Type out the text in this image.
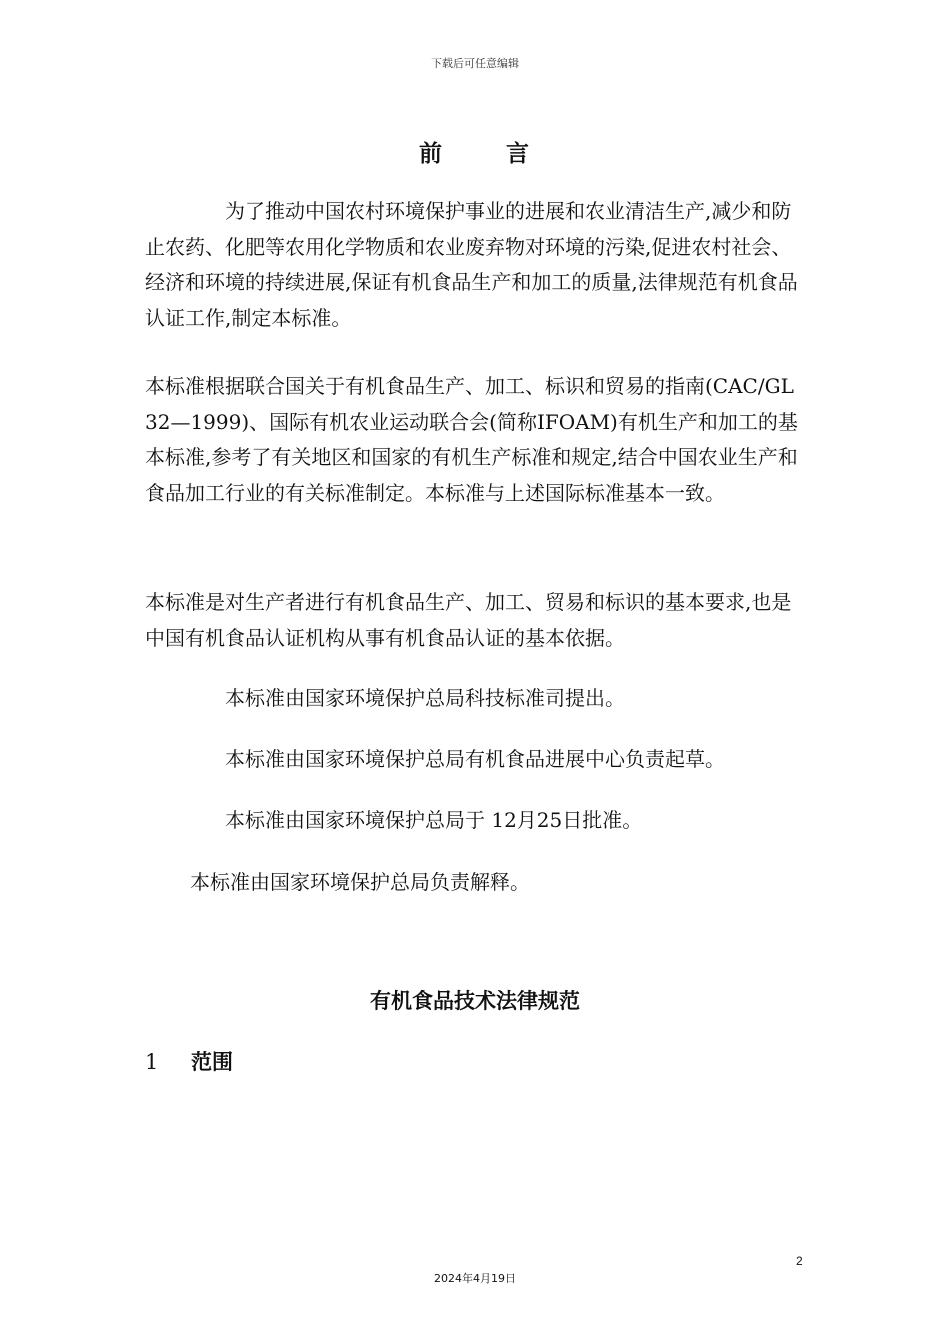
下载后可任意编辑
前	言

为了推动中国农村环境保护事业的进展和农业清洁生产,减少和防止农药、化肥等农用化学物质和农业废弃物对环境的污染,促进农村社会、经济和环境的持续进展,保证有机食品生产和加工的质量,法律规范有机食品认证工作,制定本标准。

本标准根据联合国关于有机食品生产、加工、标识和贸易的指南(CAC/GL 32—1999)、国际有机农业运动联合会(简称IFOAM)有机生产和加工的基本标准,参考了有关地区和国家的有机生产标准和规定,结合中国农业生产和食品加工行业的有关标准制定。本标准与上述国际标准基本一致。

本标准是对生产者进行有机食品生产、加工、贸易和标识的基本要求,也是中国有机食品认证机构从事有机食品认证的基本依据。

本标准由国家环境保护总局科技标准司提出。
本标准由国家环境保护总局有机食品进展中心负责起草。
本标准由国家环境保护总局于 12月25日批准。
本标准由国家环境保护总局负责解释。
有机食品技术法律规范
1 范围
2
2024年4月19日
